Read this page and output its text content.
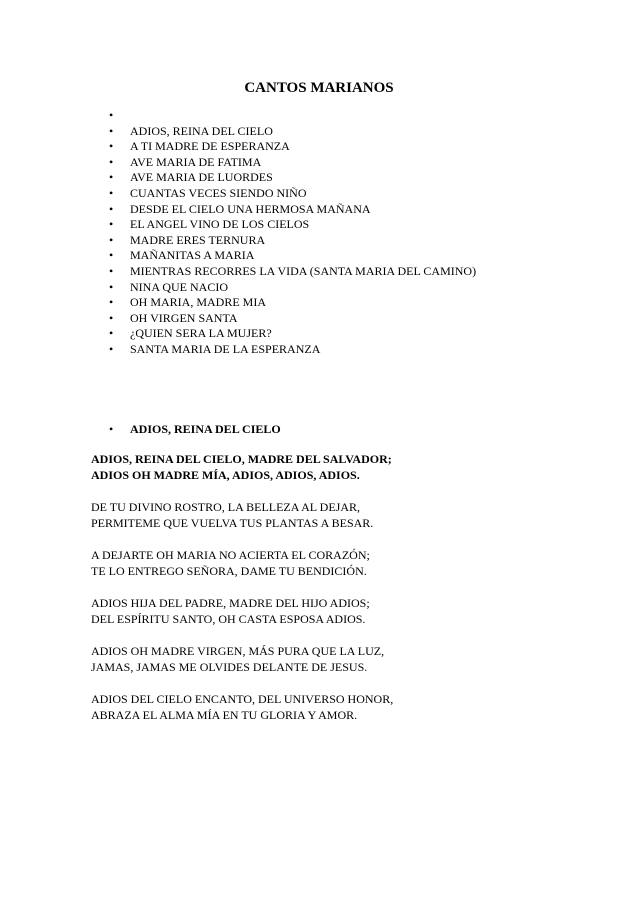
CANTOS MARIANOS
•
• ADIOS, REINA DEL CIELO
• A TI MADRE DE ESPERANZA
• AVE MARIA DE FATIMA
• AVE MARIA DE LUORDES
• CUANTAS VECES SIENDO NIÑO
• DESDE EL CIELO UNA HERMOSA MAÑANA
• EL ANGEL VINO DE LOS CIELOS
• MADRE ERES TERNURA
• MAÑANITAS A MARIA
• MIENTRAS RECORRES LA VIDA (SANTA MARIA DEL CAMINO)
• NINA QUE NACIO
• OH MARIA, MADRE MIA
• OH VIRGEN SANTA
• ¿QUIEN SERA LA MUJER?
• SANTA MARIA DE LA ESPERANZA
• ADIOS, REINA DEL CIELO

ADIOS, REINA DEL CIELO, MADRE DEL SALVADOR;
ADIOS OH MADRE MÍA, ADIOS, ADIOS, ADIOS.

DE TU DIVINO ROSTRO, LA BELLEZA AL DEJAR,
PERMITEME QUE VUELVA TUS PLANTAS A BESAR.

A DEJARTE OH MARIA NO ACIERTA EL CORAZÓN;
TE LO ENTREGO SEÑORA, DAME TU BENDICIÓN.

ADIOS HIJA DEL PADRE, MADRE DEL HIJO ADIOS;
DEL ESPÍRITU SANTO, OH CASTA ESPOSA ADIOS.

ADIOS OH MADRE VIRGEN, MÁS PURA QUE LA LUZ,
JAMAS, JAMAS ME OLVIDES DELANTE DE JESUS.

ADIOS DEL CIELO ENCANTO, DEL UNIVERSO HONOR,
ABRAZA EL ALMA MÍA EN TU GLORIA Y AMOR.
